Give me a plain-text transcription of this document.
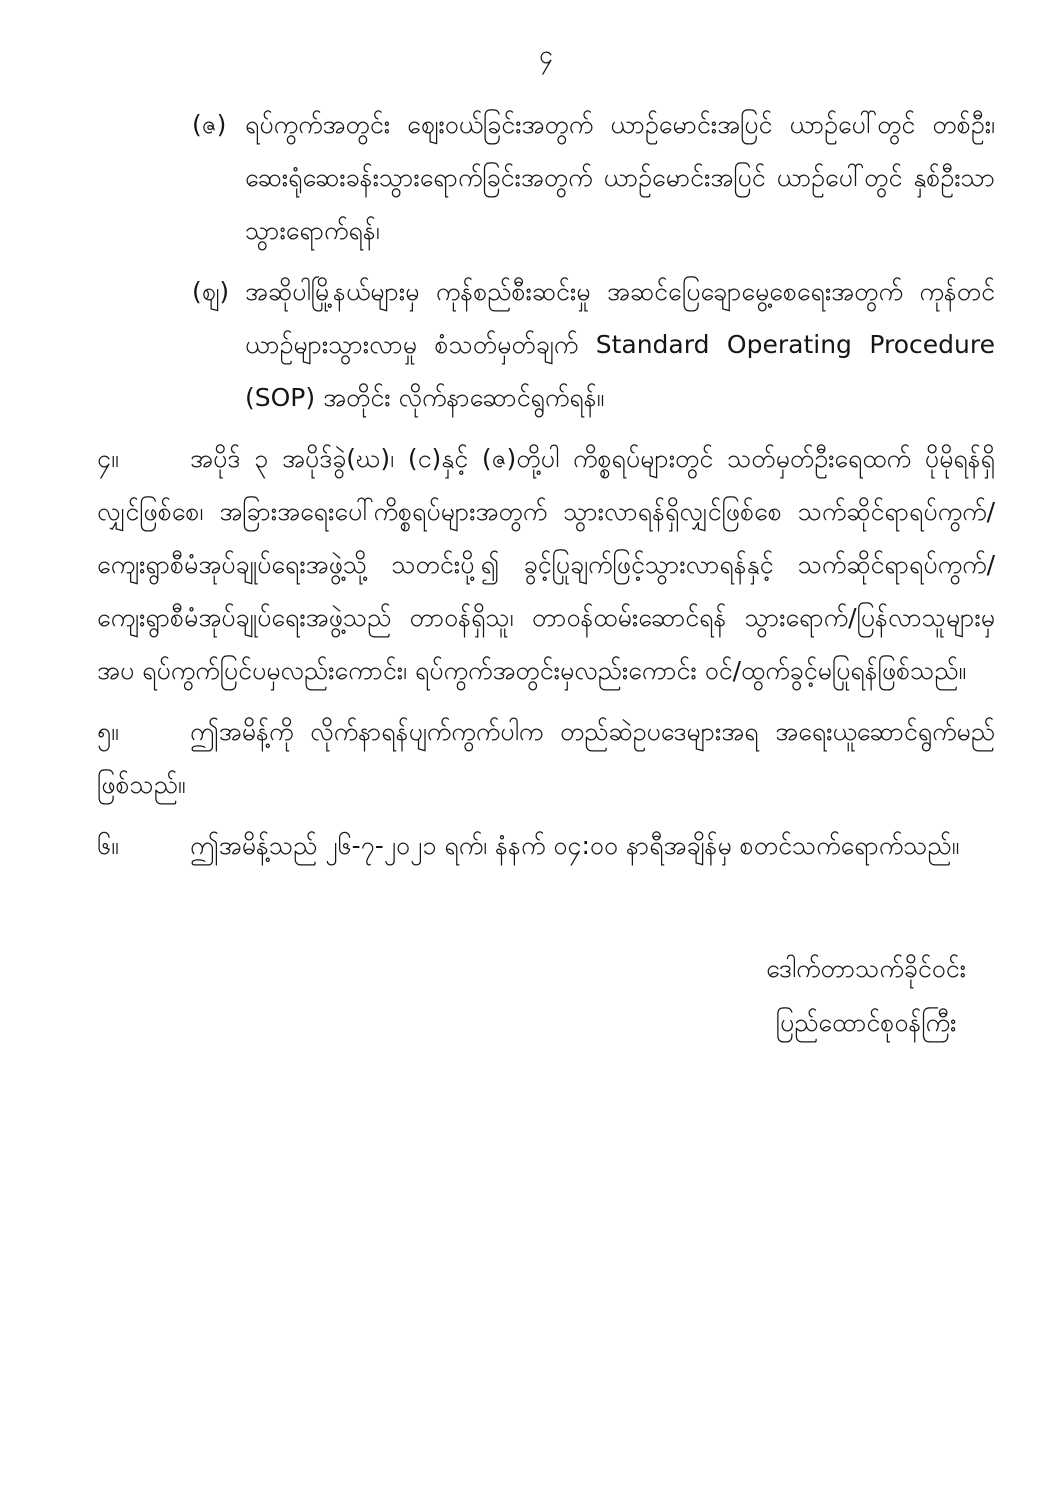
၄
(ဇ) ရပ်ကွက်အတွင်း ဈေးဝယ်ခြင်းအတွက် ယာဉ်မောင်းအပြင် ယာဉ်ပေါ်တွင် တစ်ဦး၊ ဆေးရုံဆေးခန်းသွားရောက်ခြင်းအတွက် ယာဉ်မောင်းအပြင် ယာဉ်ပေါ်တွင် နှစ်ဦးသာ သွားရောက်ရန်၊
(ဈ) အဆိုပါမြို့နယ်များမှ ကုန်စည်စီးဆင်းမှု အဆင်ပြေချောမွေ့စေရေးအတွက် ကုန်တင်ယာဉ်များသွားလာမှု စံသတ်မှတ်ချက် Standard Operating Procedure (SOP) အတိုင်း လိုက်နာဆောင်ရွက်ရန်။

၄။	အပိုဒ် ၃ အပိုဒ်ခွဲ(ဃ)၊ (င)နှင့် (ဇ)တို့ပါ ကိစ္စရပ်များတွင် သတ်မှတ်ဦးရေထက် ပိုမိုရန်ရှိလျှင်ဖြစ်စေ၊ အခြားအရေးပေါ်ကိစ္စရပ်များအတွက် သွားလာရန်ရှိလျှင်ဖြစ်စေ သက်ဆိုင်ရာရပ်ကွက်/ကျေးရွာစီမံအုပ်ချုပ်ရေးအဖွဲ့သို့ သတင်းပို့၍ ခွင့်ပြုချက်ဖြင့်သွားလာရန်နှင့် သက်ဆိုင်ရာရပ်ကွက်/ကျေးရွာစီမံအုပ်ချုပ်ရေးအဖွဲ့သည် တာဝန်ရှိသူ၊ တာဝန်ထမ်းဆောင်ရန် သွားရောက်/ပြန်လာသူများမှအပ ရပ်ကွက်ပြင်ပမှလည်းကောင်း၊ ရပ်ကွက်အတွင်းမှလည်းကောင်း ဝင်/ထွက်ခွင့်မပြုရန်ဖြစ်သည်။

၅။	ဤအမိန့်ကို လိုက်နာရန်ပျက်ကွက်ပါက တည်ဆဲဥပဒေများအရ အရေးယူဆောင်ရွက်မည်ဖြစ်သည်။

၆။	ဤအမိန့်သည် ၂၆-၇-၂၀၂၁ ရက်၊ နံနက် ၀၄:၀၀ နာရီအချိန်မှ စတင်သက်ရောက်သည်။

ဒေါက်တာသက်ခိုင်ဝင်း
ပြည်ထောင်စုဝန်ကြီး
